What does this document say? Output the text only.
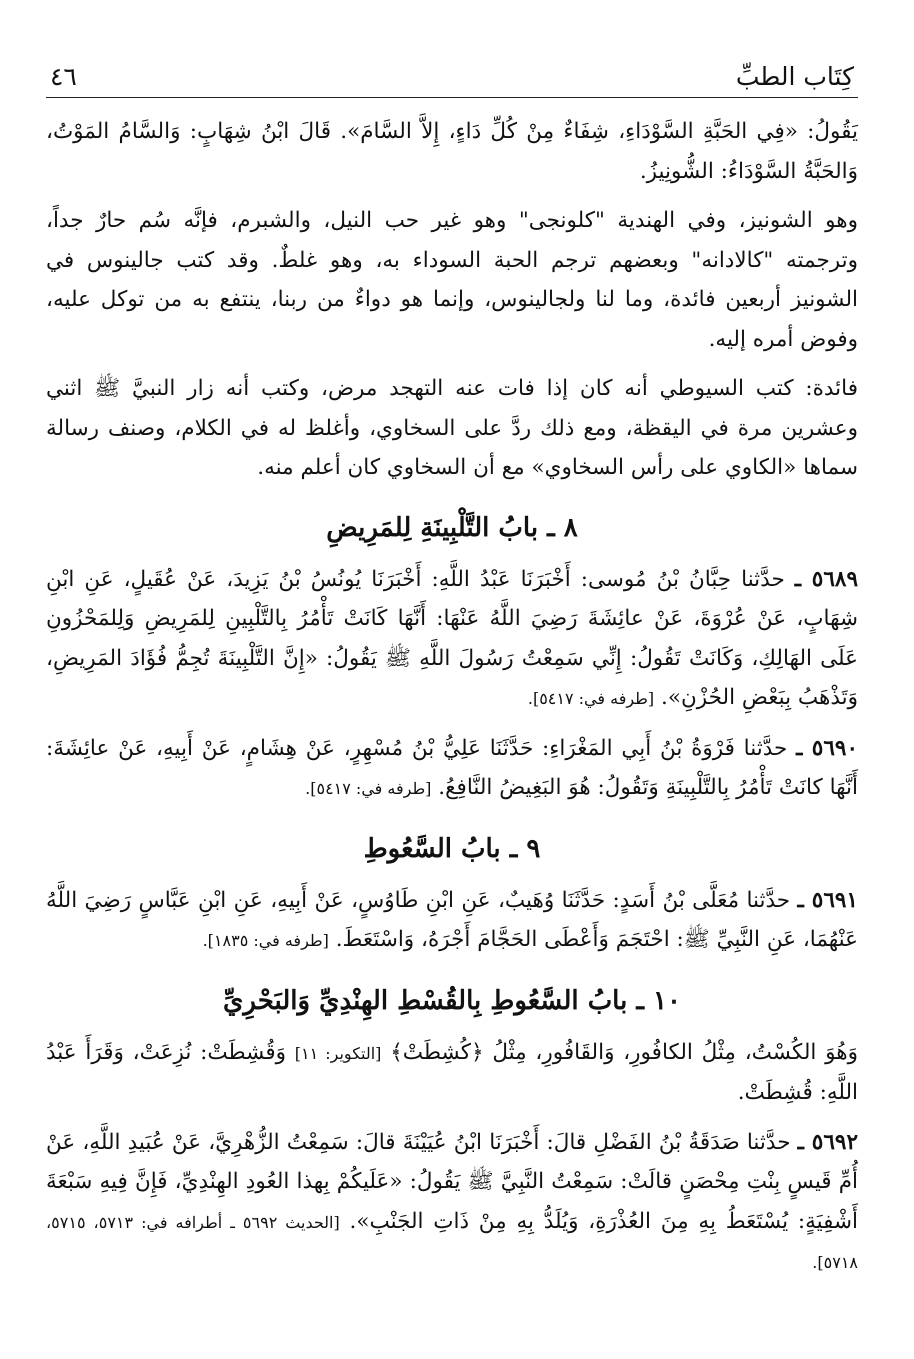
كِتَاب الطبِّ
٤٦

يَقُولُ: «فِي الحَبَّةِ السَّوْدَاءِ، شِفَاءٌ مِنْ كُلِّ دَاءٍ، إِلاَّ السَّامَ». قَالَ ابْنُ شِهَابٍ: وَالسَّامُ المَوْتُ، وَالحَبَّةُ السَّوْدَاءُ: الشُّونِيزُ.

وهو الشونيز، وفي الهندية "كلونجى" وهو غير حب النيل، والشبرم، فإنَّه سُم حارٌ جداً، وترجمته "كالادانه" وبعضهم ترجم الحبة السوداء به، وهو غلطٌ. وقد كتب جالينوس في الشونيز أربعين فائدة، وما لنا ولجالينوس، وإنما هو دواءٌ من ربنا، ينتفع به من توكل عليه، وفوض أمره إليه.

فائدة: كتب السيوطي أنه كان إذا فات عنه التهجد مرض، وكتب أنه زار النبيَّ ﷺ اثني وعشرين مرة في اليقظة، ومع ذلك ردَّ على السخاوي، وأغلظ له في الكلام، وصنف رسالة سماها «الكاوي على رأس السخاوي» مع أن السخاوي كان أعلم منه.

٨ ـ بابُ التَّلْبِينَةِ لِلمَرِيضِ

٥٦٨٩ ـ حدَّثنا حِبَّانُ بْنُ مُوسى: أَخْبَرَنَا عَبْدُ اللَّهِ: أَخْبَرَنَا يُونُسُ بْنُ يَزِيدَ، عَنْ عُقَيلٍ، عَنِ ابْنِ شِهَابٍ، عَنْ عُرْوَةَ، عَنْ عائِشَةَ رَضِيَ اللَّهُ عَنْهَا: أَنَّهَا كَانَتْ تَأْمُرُ بِالتَّلْبِينِ لِلمَرِيضِ وَلِلمَحْزُونِ عَلَى الهَالِكِ، وَكَانَتْ تَقُولُ: إِنِّي سَمِعْتُ رَسُولَ اللَّهِ ﷺ يَقُولُ: «إِنَّ التَّلْبِينَةَ تُجِمُّ فُؤَادَ المَرِيضِ، وَتَذْهَبُ بِبَعْضِ الحُزْنِ». [طرفه في: ٥٤١٧].

٥٦٩٠ ـ حدَّثنا فَرْوَةُ بْنُ أَبِي المَغْرَاءِ: حَدَّثَنَا عَلِيُّ بْنُ مُسْهِرٍ، عَنْ هِشَامٍ، عَنْ أَبِيهِ، عَنْ عائِشَةَ: أَنَّهَا كانَتْ تَأْمُرُ بِالتَّلْبِينَةِ وَتَقُولُ: هُوَ البَغِيضُ النَّافِعُ. [طرفه في: ٥٤١٧].

٩ ـ بابُ السَّعُوطِ

٥٦٩١ ـ حدَّثنا مُعَلَّى بْنُ أَسَدٍ: حَدَّثَنَا وُهَيبٌ، عَنِ ابْنِ طَاوُسٍ، عَنْ أَبِيهِ، عَنِ ابْنِ عَبَّاسٍ رَضِيَ اللَّهُ عَنْهُمَا، عَنِ النَّبِيِّ ﷺ: احْتَجَمَ وَأَعْطَى الحَجَّامَ أَجْرَهُ، وَاسْتَعَطَ. [طرفه في: ١٨٣٥].

١٠ ـ بابُ السَّعُوطِ بِالقُسْطِ الهِنْدِيِّ وَالبَحْرِيِّ

وَهُوَ الكُسْتُ، مِثْلُ الكافُورِ، وَالقَافُورِ، مِثْلُ ﴿كُشِطَتْ﴾ [التكوير: ١١] وَقُشِطَتْ: نُزِعَتْ، وَقَرَأَ عَبْدُ اللَّهِ: قُشِطَتْ.

٥٦٩٢ ـ حدَّثنا صَدَقَةُ بْنُ الفَضْلِ قالَ: أَخْبَرَنَا ابْنُ عُيَيْنَةَ قالَ: سَمِعْتُ الزُّهْرِيَّ، عَنْ عُبَيدِ اللَّهِ، عَنْ أُمِّ قَيسٍ بِنْتِ مِحْصَنٍ قالَتْ: سَمِعْتُ النَّبِيَّ ﷺ يَقُولُ: «عَلَيكُمْ بِهذا العُودِ الهِنْدِيِّ، فَإِنَّ فِيهِ سَبْعَةَ أَشْفِيَةٍ: يُسْتَعَطُ بِهِ مِنَ العُذْرَةِ، وَيُلَدُّ بِهِ مِنْ ذَاتِ الجَنْبِ». [الحديث ٥٦٩٢ ـ أطرافه في: ٥٧١٣، ٥٧١٥، ٥٧١٨].
